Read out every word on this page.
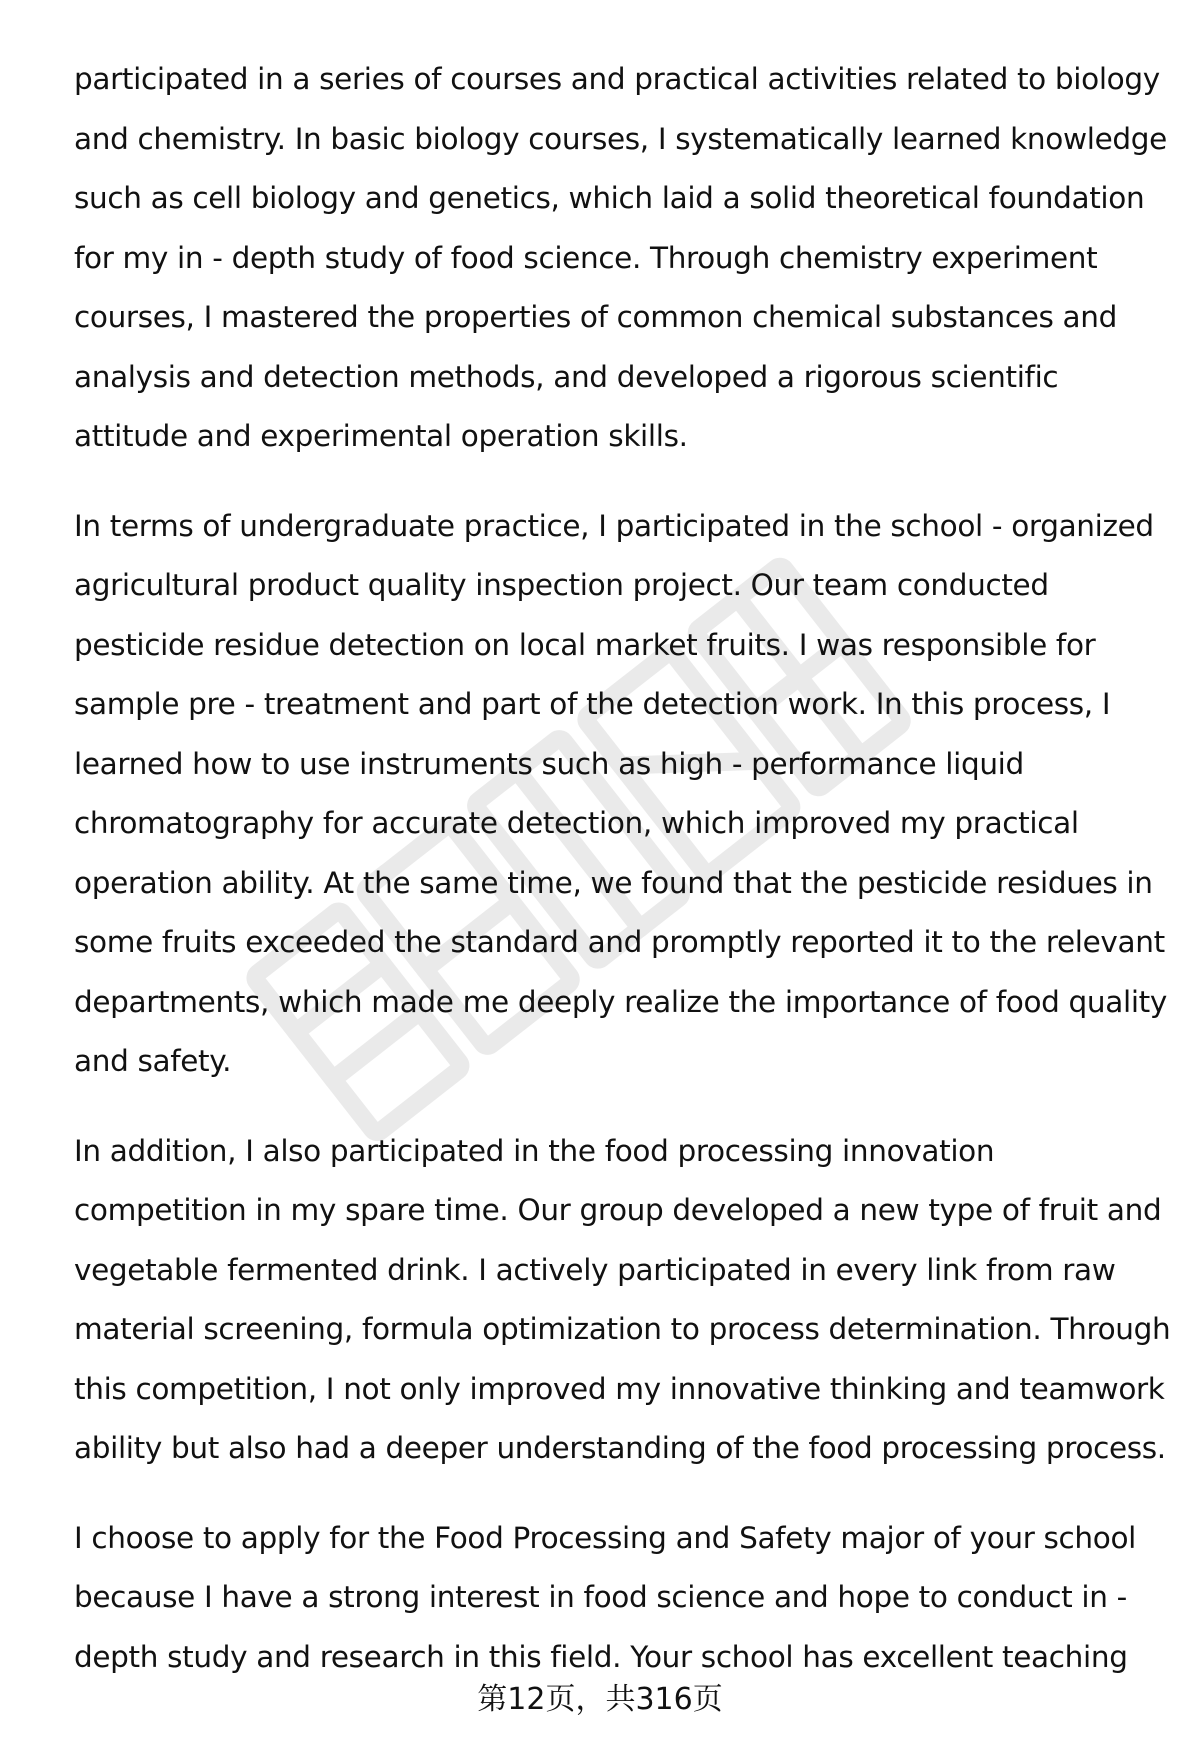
participated in a series of courses and practical activities related to biology
and chemistry. In basic biology courses, I systematically learned knowledge
such as cell biology and genetics, which laid a solid theoretical foundation
for my in - depth study of food science. Through chemistry experiment
courses, I mastered the properties of common chemical substances and
analysis and detection methods, and developed a rigorous scientific
attitude and experimental operation skills.

In terms of undergraduate practice, I participated in the school - organized
agricultural product quality inspection project. Our team conducted
pesticide residue detection on local market fruits. I was responsible for
sample pre - treatment and part of the detection work. In this process, I
learned how to use instruments such as high - performance liquid
chromatography for accurate detection, which improved my practical
operation ability. At the same time, we found that the pesticide residues in
some fruits exceeded the standard and promptly reported it to the relevant
departments, which made me deeply realize the importance of food quality
and safety.

In addition, I also participated in the food processing innovation
competition in my spare time. Our group developed a new type of fruit and
vegetable fermented drink. I actively participated in every link from raw
material screening, formula optimization to process determination. Through
this competition, I not only improved my innovative thinking and teamwork
ability but also had a deeper understanding of the food processing process.

I choose to apply for the Food Processing and Safety major of your school
because I have a strong interest in food science and hope to conduct in -
depth study and research in this field. Your school has excellent teaching

第12页，共316页
